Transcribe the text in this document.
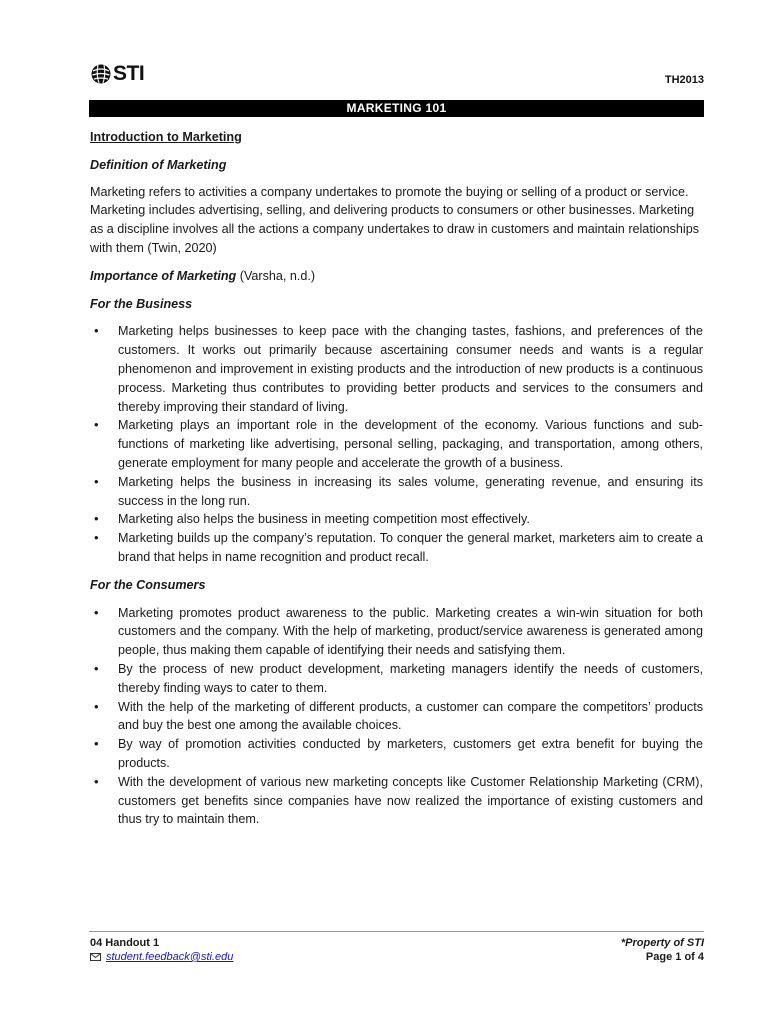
STI	TH2013
MARKETING 101

Introduction to Marketing

Definition of Marketing

Marketing refers to activities a company undertakes to promote the buying or selling of a product or service. Marketing includes advertising, selling, and delivering products to consumers or other businesses. Marketing as a discipline involves all the actions a company undertakes to draw in customers and maintain relationships with them (Twin, 2020)

Importance of Marketing (Varsha, n.d.)

For the Business

• Marketing helps businesses to keep pace with the changing tastes, fashions, and preferences of the customers. It works out primarily because ascertaining consumer needs and wants is a regular phenomenon and improvement in existing products and the introduction of new products is a continuous process. Marketing thus contributes to providing better products and services to the consumers and thereby improving their standard of living.
• Marketing plays an important role in the development of the economy. Various functions and sub-functions of marketing like advertising, personal selling, packaging, and transportation, among others, generate employment for many people and accelerate the growth of a business.
• Marketing helps the business in increasing its sales volume, generating revenue, and ensuring its success in the long run.
• Marketing also helps the business in meeting competition most effectively.
• Marketing builds up the company’s reputation. To conquer the general market, marketers aim to create a brand that helps in name recognition and product recall.

For the Consumers

• Marketing promotes product awareness to the public. Marketing creates a win-win situation for both customers and the company. With the help of marketing, product/service awareness is generated among people, thus making them capable of identifying their needs and satisfying them.
• By the process of new product development, marketing managers identify the needs of customers, thereby finding ways to cater to them.
• With the help of the marketing of different products, a customer can compare the competitors’ products and buy the best one among the available choices.
• By way of promotion activities conducted by marketers, customers get extra benefit for buying the products.
• With the development of various new marketing concepts like Customer Relationship Marketing (CRM), customers get benefits since companies have now realized the importance of existing customers and thus try to maintain them.
04 Handout 1
student.feedback@sti.edu
*Property of STI
Page 1 of 4
